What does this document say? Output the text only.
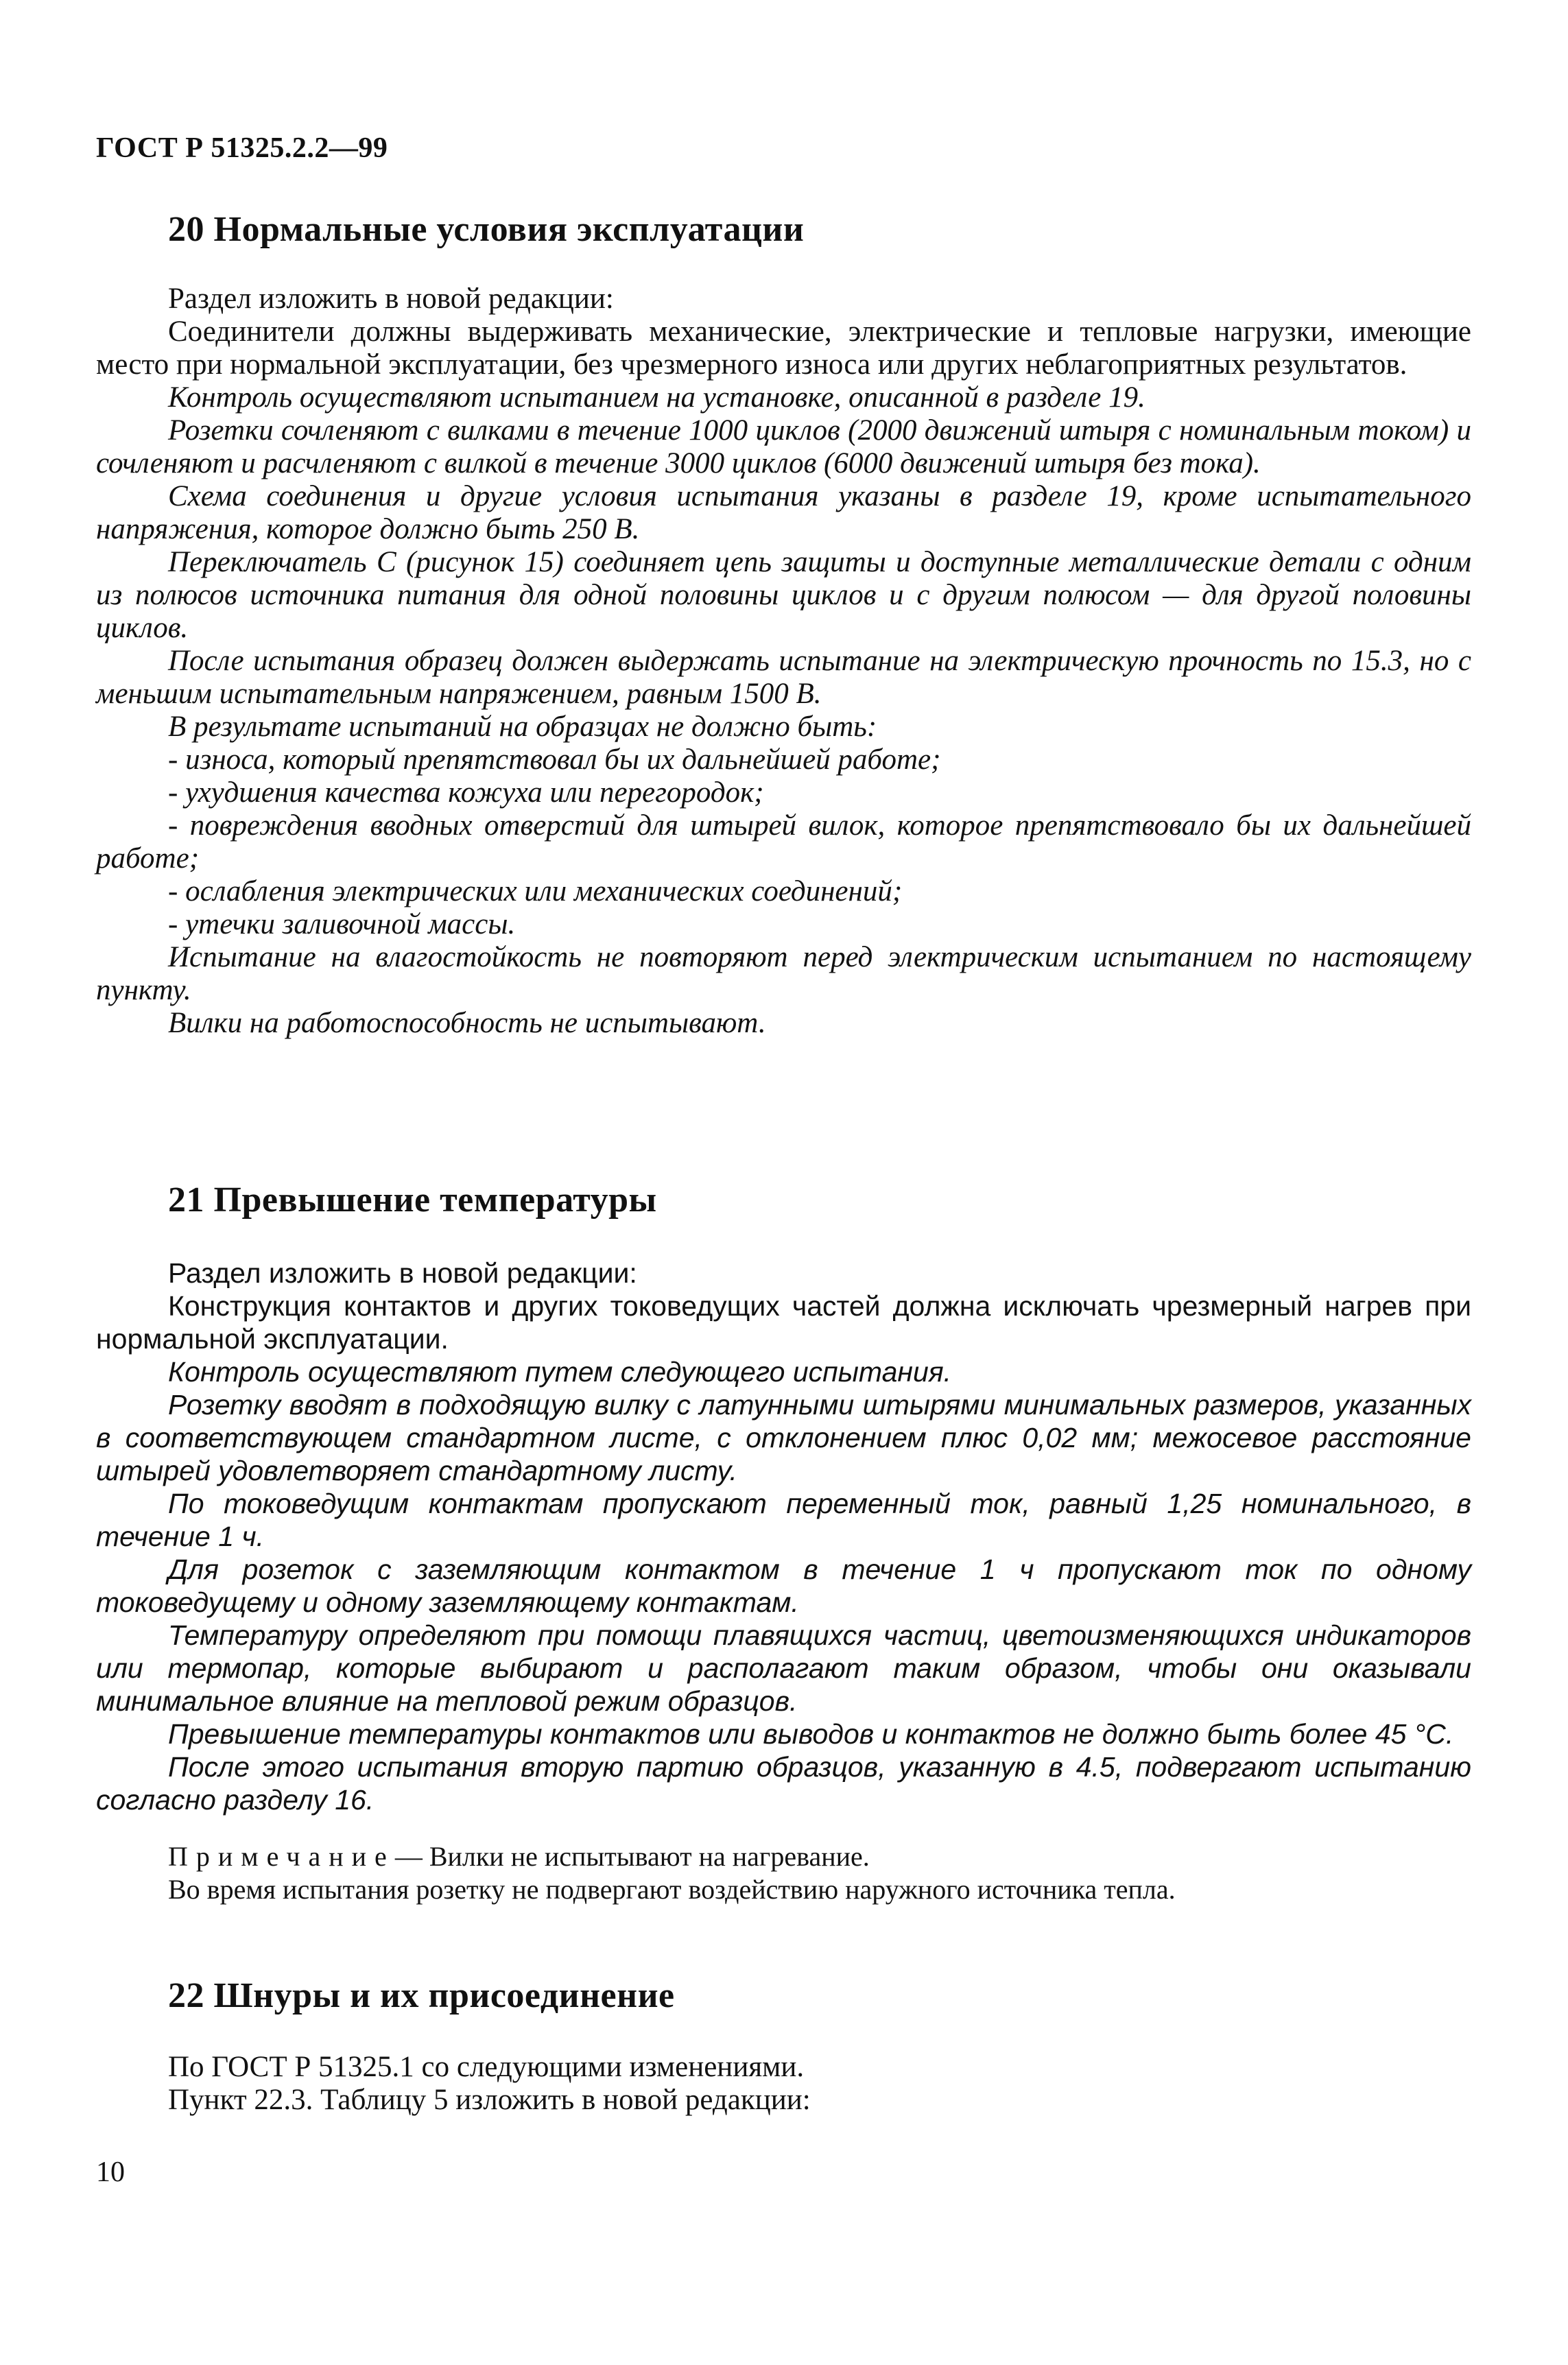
ГОСТ Р 51325.2.2—99
20 Нормальные условия эксплуатации

Раздел изложить в новой редакции:

Соединители должны выдерживать механические, электрические и тепловые нагрузки, имеющие место при нормальной эксплуатации, без чрезмерного износа или других неблагоприятных результатов.

Контроль осуществляют испытанием на установке, описанной в разделе 19.

Розетки сочленяют с вилками в течение 1000 циклов (2000 движений штыря с номинальным током) и сочленяют и расчленяют с вилкой в течение 3000 циклов (6000 движений штыря без тока).

Схема соединения и другие условия испытания указаны в разделе 19, кроме испытательного напряжения, которое должно быть 250 В.

Переключатель С (рисунок 15) соединяет цепь защиты и доступные металлические детали с одним из полюсов источника питания для одной половины циклов и с другим полюсом — для другой половины циклов.

После испытания образец должен выдержать испытание на электрическую прочность по 15.3, но с меньшим испытательным напряжением, равным 1500 В.

В результате испытаний на образцах не должно быть:

- износа, который препятствовал бы их дальнейшей работе;

- ухудшения качества кожуха или перегородок;

- повреждения вводных отверстий для штырей вилок, которое препятствовало бы их дальнейшей работе;

- ослабления электрических или механических соединений;

- утечки заливочной массы.

Испытание на влагостойкость не повторяют перед электрическим испытанием по настоящему пункту.

Вилки на работоспособность не испытывают.

21 Превышение температуры

Раздел изложить в новой редакции:

Конструкция контактов и других токоведущих частей должна исключать чрезмерный нагрев при нормальной эксплуатации.

Контроль осуществляют путем следующего испытания.

Розетку вводят в подходящую вилку с латунными штырями минимальных размеров, указанных в соответствующем стандартном листе, с отклонением плюс 0,02 мм; межосевое расстояние штырей удовлетворяет стандартному листу.

По токоведущим контактам пропускают переменный ток, равный 1,25 номинального, в течение 1 ч.

Для розеток с заземляющим контактом в течение 1 ч пропускают ток по одному токоведущему и одному заземляющему контактам.

Температуру определяют при помощи плавящихся частиц, цветоизменяющихся индикаторов или термопар, которые выбирают и располагают таким образом, чтобы они оказывали минимальное влияние на тепловой режим образцов.

Превышение температуры контактов или выводов и контактов не должно быть более 45 °С.

После этого испытания вторую партию образцов, указанную в 4.5, подвергают испытанию согласно разделу 16.

Примечание— Вилки не испытывают на нагревание.

Во время испытания розетку не подвергают воздействию наружного источника тепла.

22 Шнуры и их присоединение

По ГОСТ Р 51325.1 со следующими изменениями.

Пункт 22.3. Таблицу 5 изложить в новой редакции:

10
